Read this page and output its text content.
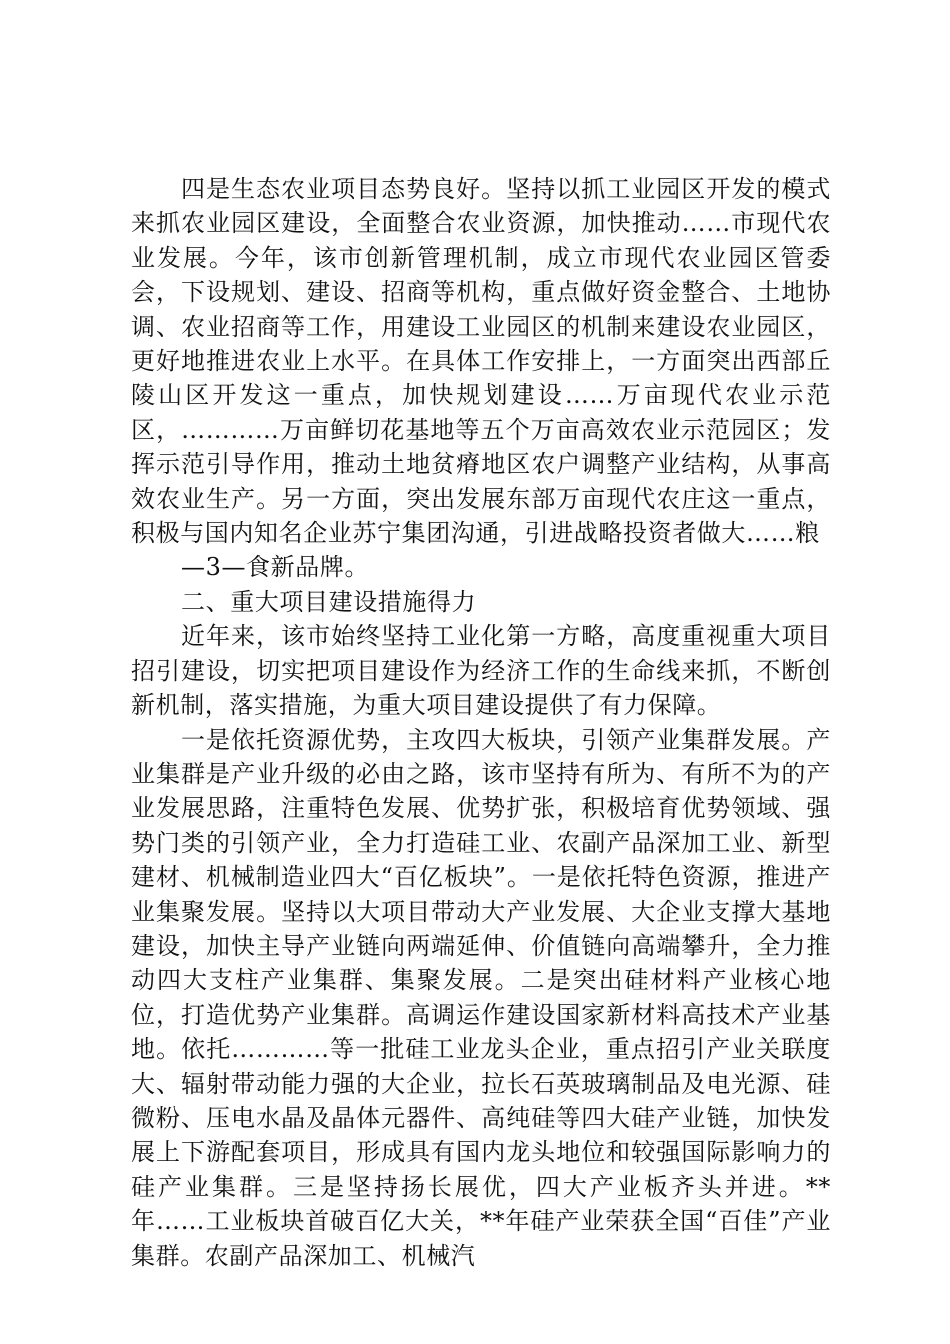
四是生态农业项目态势良好。坚持以抓工业园区开发的模式来抓农业园区建设，全面整合农业资源，加快推动……市现代农业发展。今年，该市创新管理机制，成立市现代农业园区管委会，下设规划、建设、招商等机构，重点做好资金整合、土地协调、农业招商等工作，用建设工业园区的机制来建设农业园区，更好地推进农业上水平。在具体工作安排上，一方面突出西部丘陵山区开发这一重点，加快规划建设……万亩现代农业示范区，…………万亩鲜切花基地等五个万亩高效农业示范园区；发挥示范引导作用，推动土地贫瘠地区农户调整产业结构，从事高效农业生产。另一方面，突出发展东部万亩现代农庄这一重点，积极与国内知名企业苏宁集团沟通，引进战略投资者做大……粮

—3—食新品牌。

二、重大项目建设措施得力

近年来，该市始终坚持工业化第一方略，高度重视重大项目招引建设，切实把项目建设作为经济工作的生命线来抓，不断创新机制，落实措施，为重大项目建设提供了有力保障。

一是依托资源优势，主攻四大板块，引领产业集群发展。产业集群是产业升级的必由之路，该市坚持有所为、有所不为的产业发展思路，注重特色发展、优势扩张，积极培育优势领域、强势门类的引领产业，全力打造硅工业、农副产品深加工业、新型建材、机械制造业四大“百亿板块”。一是依托特色资源，推进产业集聚发展。坚持以大项目带动大产业发展、大企业支撑大基地建设，加快主导产业链向两端延伸、价值链向高端攀升，全力推动四大支柱产业集群、集聚发展。二是突出硅材料产业核心地位，打造优势产业集群。高调运作建设国家新材料高技术产业基地。依托…………等一批硅工业龙头企业，重点招引产业关联度大、辐射带动能力强的大企业，拉长石英玻璃制品及电光源、硅微粉、压电水晶及晶体元器件、高纯硅等四大硅产业链，加快发展上下游配套项目，形成具有国内龙头地位和较强国际影响力的硅产业集群。三是坚持扬长展优，四大产业板齐头并进。**年……工业板块首破百亿大关，**年硅产业荣获全国“百佳”产业集群。农副产品深加工、机械汽
